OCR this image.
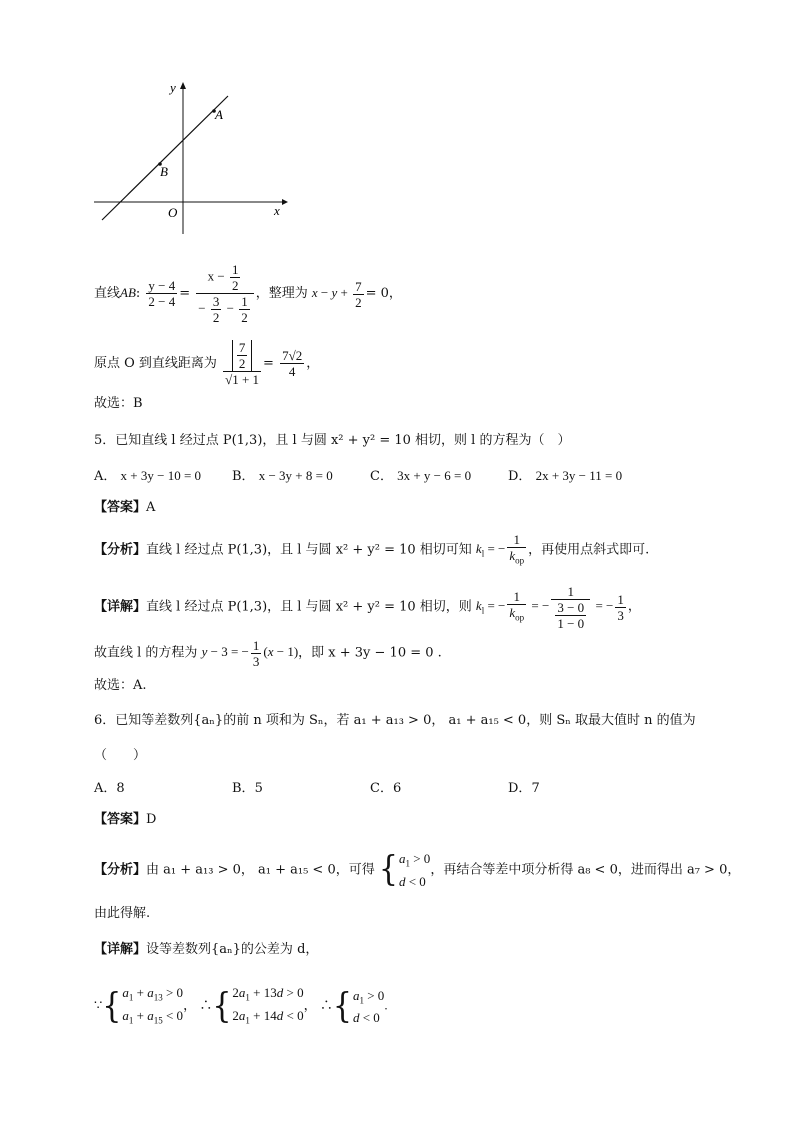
x
y
O
A
B
直线AB: $\frac{y - 4}{2 - 4} = \frac{x - \frac{1}{2}}{- \frac{3}{2} - \frac{1}{2}}$ ，整理为 $x - y + \frac{7}{2} = 0$，
原点 O 到直线距离为 $\frac{\frac{7}{2}}{√1 + 1} = \frac{7√2}{4}$ ，
故选：B
5．已知直线 l 经过点 P(1,3)，且 l 与圆 x² + y² = 10 相切，则 l 的方程为（　）
A． x + 3y − 10 = 0 B． x − 3y + 8 = 0	C． 3x + y − 6 = 0	D． 2x + 3y − 11 = 0
【答案】A
【分析】直线 l 经过点 P(1,3)，且 l 与圆 x² + y² = 10 相切可知 $k_l$ = −
1
$k_{op}$
，再使用点斜式即可.
【详解】直线 l 经过点 P(1,3)，且 l 与圆 x² + y² = 10 相切，则 $k_l$ = −
1
$k_{op}$
= − $\frac{1}{\frac{3 - 0}{1 - 0}}$ = − $\frac{1}{3}$ ，
故直线 l 的方程为 y − 3 = − $\frac{1}{3} (x - 1)$，即 x + 3y − 10 = 0 .
故选：A.
6．已知等差数列{aₙ}的前 n 项和为 Sₙ，若 a₁ + a₁₃ > 0， a₁ + a₁₅ < 0，则 Sₙ 取最大值时 n 的值为
（　　）
A．8	B．5	C．6	D．7
【答案】D
【分析】由 a₁ + a₁₃ > 0， a₁ + a₁₅ < 0，可得 { $a_1 > 0$
d < 0
，再结合等差中项分析得 a₈ < 0，进而得出 a₇ > 0，
由此得解.
【详解】设等差数列{aₙ}的公差为 d，
∵{ $a_1 + a_{13} > 0$
$a_1 + a_{15} < 0$
， ∴{ $2a_1 + 13d > 0$
$2a_1 + 14d < 0$
， ∴{ $a_1 > 0$
d < 0
.
